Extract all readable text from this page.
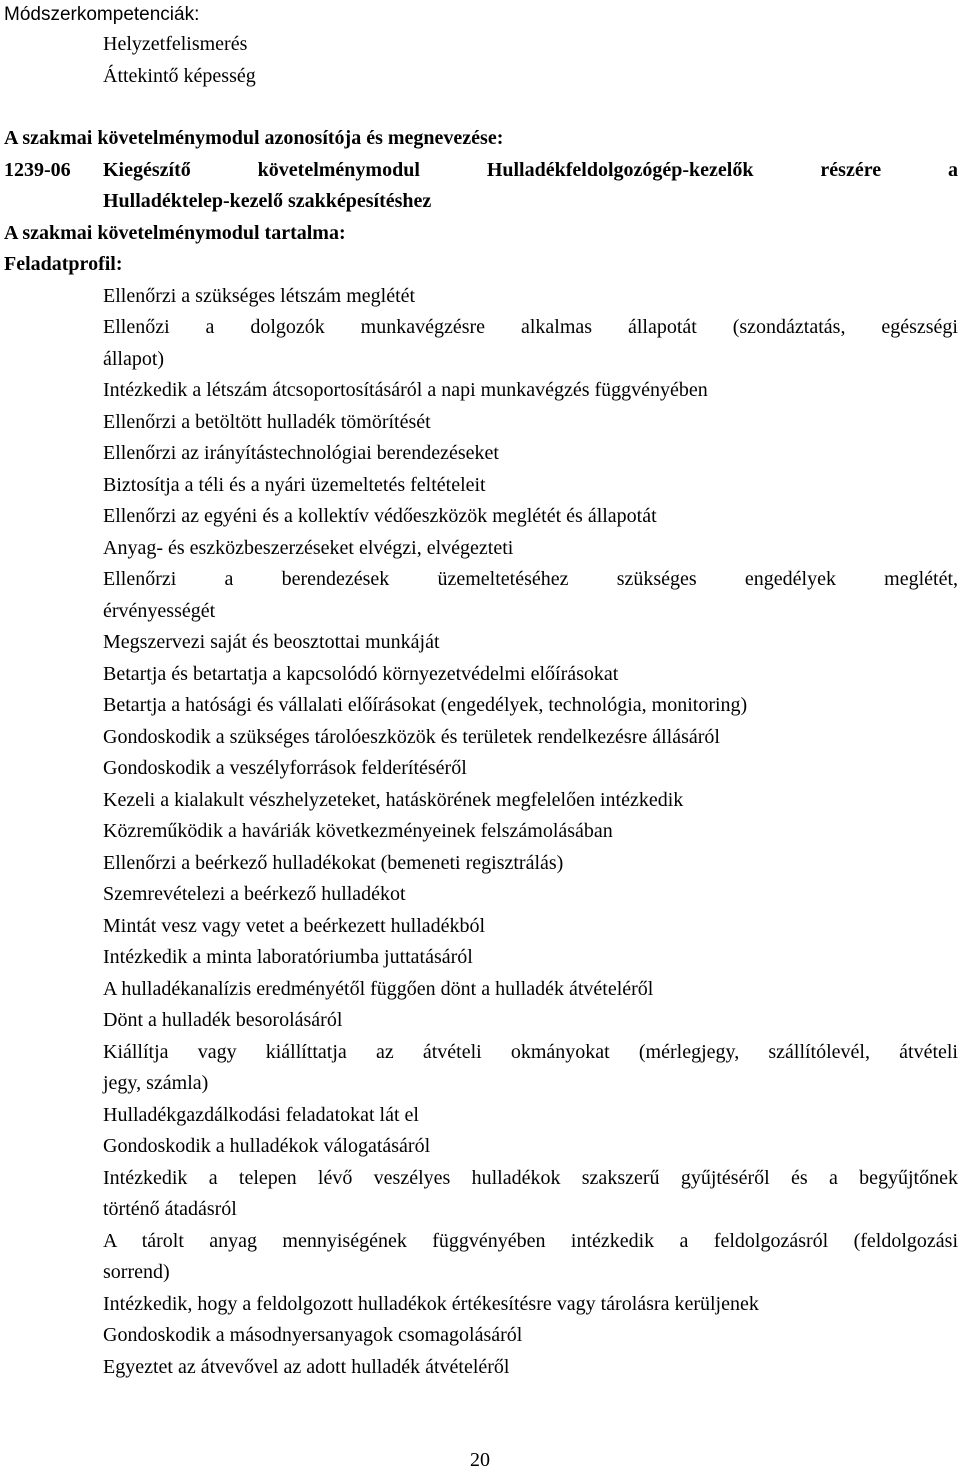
Módszerkompetenciák:
Helyzetfelismerés
Áttekintő képesség
A szakmai követelménymodul azonosítója és megnevezése:
1239-06 Kiegészítő	követelménymodul	Hulladékfeldolgozógép-kezelők	részére	a
Hulladéktelep-kezelő szakképesítéshez
A szakmai követelménymodul tartalma:
Feladatprofil:
Ellenőrzi a szükséges létszám meglétét
Ellenőzi a dolgozók munkavégzésre alkalmas állapotát (szondáztatás, egészségi
állapot)
Intézkedik a létszám átcsoportosításáról a napi munkavégzés függvényében
Ellenőrzi a betöltött hulladék tömörítését
Ellenőrzi az irányítástechnológiai berendezéseket
Biztosítja a téli és a nyári üzemeltetés feltételeit
Ellenőrzi az egyéni és a kollektív védőeszközök meglétét és állapotát
Anyag- és eszközbeszerzéseket elvégzi, elvégezteti
Ellenőrzi a berendezések üzemeltetéséhez szükséges engedélyek meglétét,
érvényességét
Megszervezi saját és beosztottai munkáját
Betartja és betartatja a kapcsolódó környezetvédelmi előírásokat
Betartja a hatósági és vállalati előírásokat (engedélyek, technológia, monitoring)
Gondoskodik a szükséges tárolóeszközök és területek rendelkezésre állásáról
Gondoskodik a veszélyforrások felderítéséről
Kezeli a kialakult vészhelyzeteket, hatáskörének megfelelően intézkedik
Közreműködik a haváriák következményeinek felszámolásában
Ellenőrzi a beérkező hulladékokat (bemeneti regisztrálás)
Szemrevételezi a beérkező hulladékot
Mintát vesz vagy vetet a beérkezett hulladékból
Intézkedik a minta laboratóriumba juttatásáról
A hulladékanalízis eredményétől függően dönt a hulladék átvételéről
Dönt a hulladék besorolásáról
Kiállítja vagy kiállíttatja az átvételi okmányokat (mérlegjegy, szállítólevél, átvételi
jegy, számla)
Hulladékgazdálkodási feladatokat lát el
Gondoskodik a hulladékok válogatásáról
Intézkedik a telepen lévő veszélyes hulladékok szakszerű gyűjtéséről és a begyűjtőnek
történő átadásról
A tárolt anyag mennyiségének függvényében intézkedik a feldolgozásról (feldolgozási
sorrend)
Intézkedik, hogy a feldolgozott hulladékok értékesítésre vagy tárolásra kerüljenek
Gondoskodik a másodnyersanyagok csomagolásáról
Egyeztet az átvevővel az adott hulladék átvételéről
20
